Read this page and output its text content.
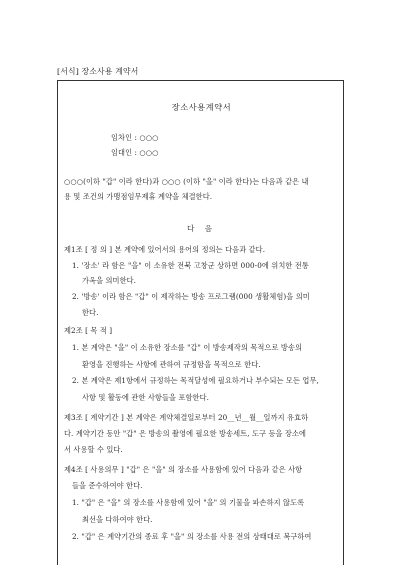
[서식] 장소사용 계약서
장소사용계약서
임차인 : ○○○
임대인 : ○○○
○○○(이하 "갑" 이라 한다)과 ○○○ (이하 "을" 이라 한다)는 다음과 같은 내
용 및 조건의 가맹점임무제휴 계약을 체결한다.
다 음
제1조 [ 정 의 ] 본 계약에 있어서의 용어의 정의는 다음과 같다.
1. '장소' 라 함은 "을" 이 소유한 전북 고창군 상하면 000-0에 위치한 전통
가옥을 의미한다.
2. '방송' 이라 함은 "갑" 이 제작하는 방송 프로그램(000 생활체험)을 의미
한다.
제2조 [ 목 적 ]
1. 본 계약은 "을" 이 소유한 장소를 "갑" 이 방송제작의 목적으로 방송의
환영을 진행하는 사항에 관하여 규정함을 목적으로 한다.
2. 본 계약은 제1항에서 규정하는 목적달성에 필요하거나 부수되는 모든 업무,
사항 및 활동에 관한 사항들을 포함한다.
제3조 [ 계약기간 ] 본 계약은 계약체결일로부터 20__년__월__일까지 유효하
다. 계약기간 동안 "갑" 은 방송의 촬영에 필요한 방송세트, 도구 등을 장소에
서 사용할 수 있다.
제4조 [ 사용의무 ] "갑" 은 "을" 의 장소를 사용함에 있어 다음과 같은 사항
들을 준수하여야 한다.
1. "갑" 은 "을" 의 장소를 사용함에 있어 "을" 의 기물을 파손하지 않도록
최선을 다하여야 한다.
2. "갑" 은 계약기간의 종료 후 "을" 의 장소를 사용 전의 상태대로 복구하여
